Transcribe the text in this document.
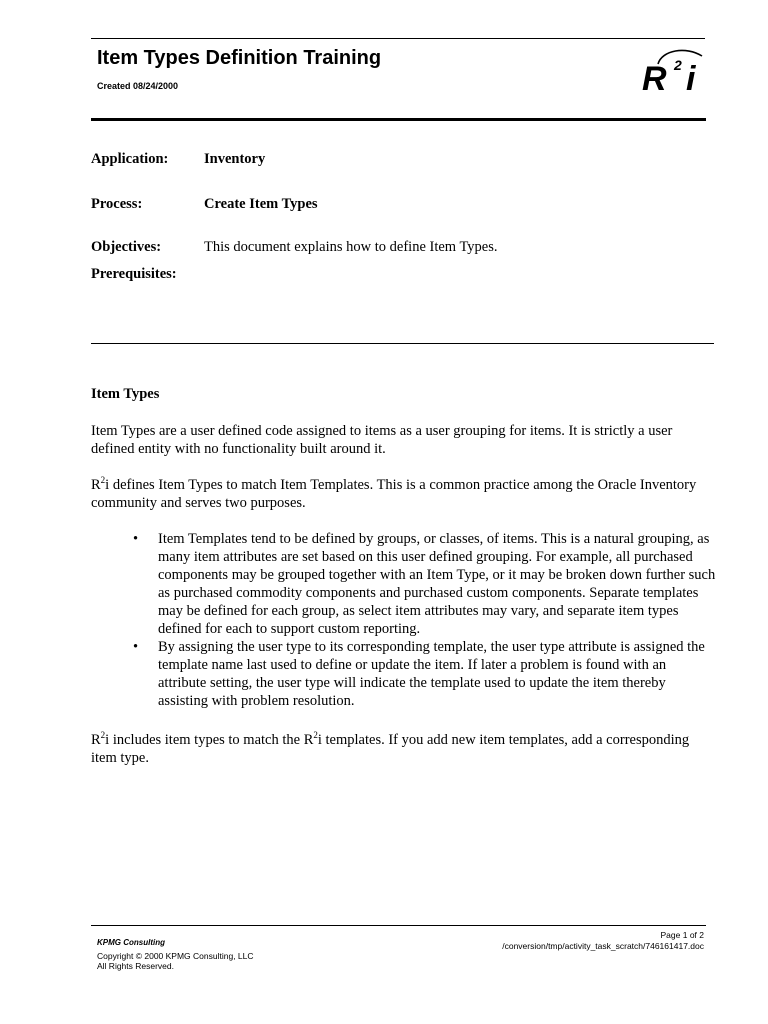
Item Types Definition Training
Created 08/24/2000	R 2 i
Application: Inventory
Process:	Create Item Types
Objectives:	This document explains how to define Item Types.
Prerequisites:
Item Types
Item Types are a user defined code assigned to items as a user grouping for items. It is strictly a user defined entity with no functionality built around it.
$R^2i$ defines Item Types to match Item Templates. This is a common practice among the Oracle Inventory community and serves two purposes.
• Item Templates tend to be defined by groups, or classes, of items. This is a natural grouping, as many item attributes are set based on this user defined grouping. For example, all purchased components may be grouped together with an Item Type, or it may be broken down further such as purchased commodity components and purchased custom components. Separate templates may be defined for each group, as select item attributes may vary, and separate item types defined for each to support custom reporting.
• By assigning the user type to its corresponding template, the user type attribute is assigned the template name last used to define or update the item. If later a problem is found with an attribute setting, the user type will indicate the template used to update the item thereby assisting with problem resolution.
$R^2i$ includes item types to match the $R^2i$ templates. If you add new item templates, add a corresponding item type.
KPMG Consulting
Copyright © 2000 KPMG Consulting, LLC
All Rights Reserved.
Page 1 of 2
/conversion/tmp/activity_task_scratch/746161417.doc
